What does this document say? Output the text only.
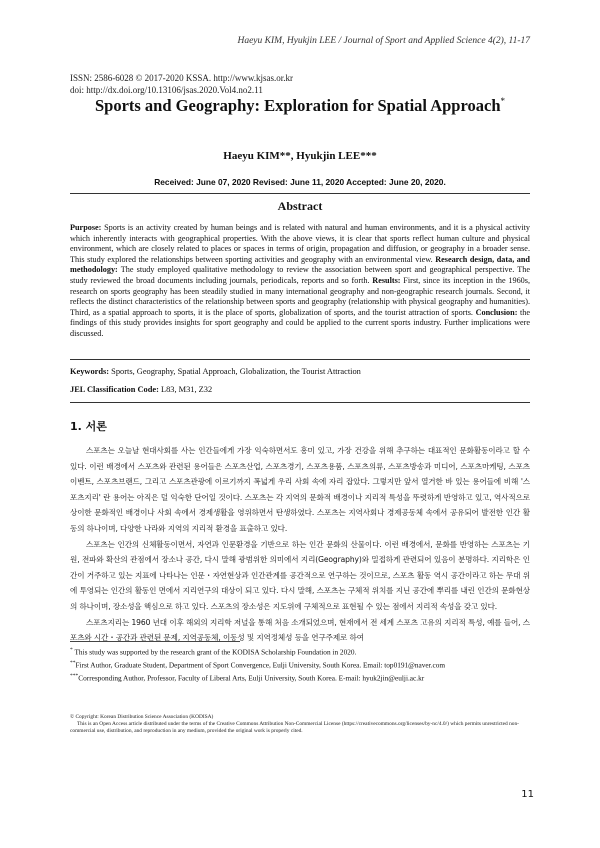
Haeyu KIM, Hyukjin LEE / Journal of Sport and Applied Science 4(2), 11-17
ISSN: 2586-6028 © 2017-2020 KSSA. http://www.kjsas.or.kr
doi: http://dx.doi.org/10.13106/jsas.2020.Vol4.no2.11
Sports and Geography: Exploration for Spatial Approach*
Haeyu KIM**, Hyukjin LEE***
Received: June 07, 2020 Revised: June 11, 2020 Accepted: June 20, 2020.
Abstract
Purpose: Sports is an activity created by human beings and is related with natural and human environments, and it is a physical activity which inherently interacts with geographical properties. With the above views, it is clear that sports reflect human culture and physical environment, which are closely related to places or spaces in terms of origin, propagation and diffusion, or geography in a broader sense. This study explored the relationships between sporting activities and geography with an environmental view. Research design, data, and methodology: The study employed qualitative methodology to review the association between sport and geographical perspective. The study reviewed the broad documents including journals, periodicals, reports and so forth. Results: First, since its inception in the 1960s, research on sports geography has been steadily studied in many international geography and non-geographic research journals. Second, it reflects the distinct characteristics of the relationship between sports and geography (relationship with physical geography and humanities). Third, as a spatial approach to sports, it is the place of sports, globalization of sports, and the tourist attraction of sports. Conclusion: the findings of this study provides insights for sport geography and could be applied to the current sports industry. Further implications were discussed.
Keywords: Sports, Geography, Spatial Approach, Globalization, the Tourist Attraction
JEL Classification Code: L83, M31, Z32
1. 서론

스포츠는 오늘날 현대사회를 사는 인간들에게 가장 익숙하면서도 흥미 있고, 가장 건강을 위해 추구하는 대표적인 문화활동이라고 할 수 있다. 이런 배경에서 스포츠와 관련된 용어들은 스포츠산업, 스포츠경기, 스포츠용품, 스포츠의류, 스포츠방송과 미디어, 스포츠마케팅, 스포츠이벤트, 스포츠브랜드, 그리고 스포츠관광에 이르기까지 폭넓게 우리 사회 속에 자리 잡았다. 그렇지만 앞서 열거한 바 있는 용어들에 비해 '스포츠지리' 란 용어는 아직은 덜 익숙한 단어일 것이다. 스포츠는 각 지역의 문화적 배경이나 지리적 특성을 뚜렷하게 반영하고 있고, 역사적으로 상이한 문화적인 배경이나 사회 속에서 경제생활을 영위하면서 탄생하였다. 스포츠는 지역사회나 경제공동체 속에서 공유되어 발전한 인간 활동의 하나이며, 다양한 나라와 지역의 지리적 환경을 표출하고 있다.

스포츠는 인간의 신체활동이면서, 자연과 인문환경을 기반으로 하는 인간 문화의 산물이다. 이런 배경에서, 문화를 반영하는 스포츠는 기원, 전파와 확산의 관점에서 장소나 공간, 다시 말해 광범위한 의미에서 지리(Geography)와 밀접하게 관련되어 있음이 분명하다. 지리학은 인간이 거주하고 있는 지표에 나타나는 인문・자연현상과 인간관계를 공간적으로 연구하는 것이므로, 스포츠 활동 역시 공간이라고 하는 무대 위에 투영되는 인간의 활동인 면에서 지리연구의 대상이 되고 있다. 다시 말해, 스포츠는 구체적 위치를 지닌 공간에 뿌리를 내린 인간의 문화현상의 하나이며, 장소성을 핵심으로 하고 있다. 스포츠의 장소성은 지도위에 구체적으로 표현될 수 있는 점에서 지리적 속성을 갖고 있다.

스포츠지리는 1960 년대 이후 해외의 지리학 저널을 통해 처음 소개되었으며, 현재에서 전 세계 스포츠 고유의 지리적 특성, 예를 들어, 스포츠와 시간・공간과 관련된 문제, 지역공동체, 이동성 및 지역정체성 등을 연구주제로 하여

* This study was supported by the research grant of the KODISA Scholarship Foundation in 2020.
**First Author, Graduate Student, Department of Sport Convergence, Eulji University, South Korea. Email: top0191@naver.com
***Corresponding Author, Professor, Faculty of Liberal Arts, Eulji University, South Korea. E-mail: hyuk2jin@eulji.ac.kr
© Copyright: Korean Distribution Science Association (KODISA)
This is an Open Access article distributed under the terms of the Creative Commons Attribution Non-Commercial License (https://creativecommons.org/licenses/by-nc/4.0/) which permits unrestricted non-commercial use, distribution, and reproduction in any medium, provided the original work is properly cited.
11
